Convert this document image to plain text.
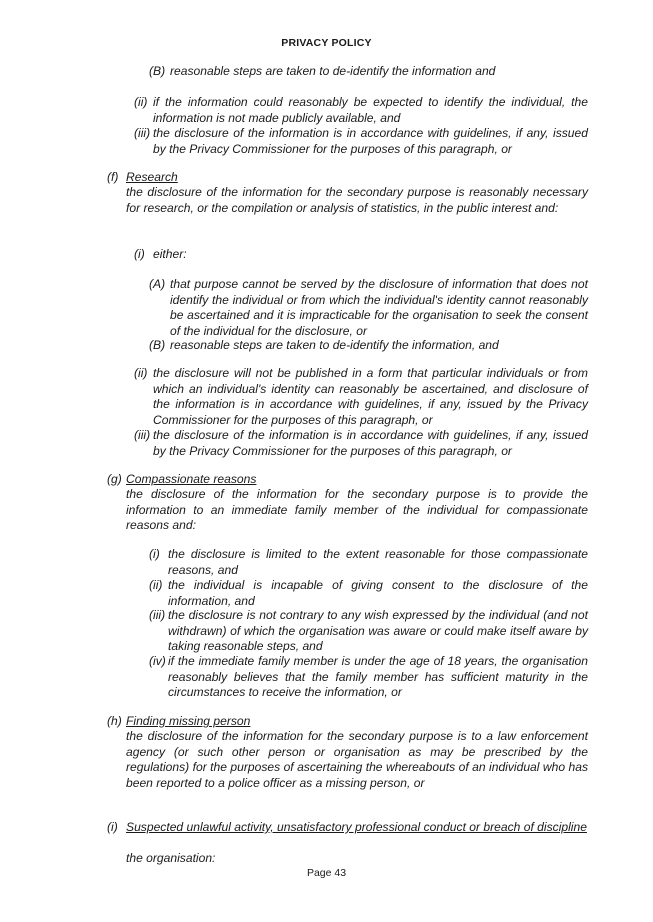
PRIVACY POLICY
(B) reasonable steps are taken to de-identify the information and
(ii) if the information could reasonably be expected to identify the individual, the information is not made publicly available, and
(iii) the disclosure of the information is in accordance with guidelines, if any, issued by the Privacy Commissioner for the purposes of this paragraph, or
(f) Research
the disclosure of the information for the secondary purpose is reasonably necessary for research, or the compilation or analysis of statistics, in the public interest and:
(i) either:
(A) that purpose cannot be served by the disclosure of information that does not identify the individual or from which the individual's identity cannot reasonably be ascertained and it is impracticable for the organisation to seek the consent of the individual for the disclosure, or
(B) reasonable steps are taken to de-identify the information, and
(ii) the disclosure will not be published in a form that particular individuals or from which an individual's identity can reasonably be ascertained, and disclosure of the information is in accordance with guidelines, if any, issued by the Privacy Commissioner for the purposes of this paragraph, or
(iii) the disclosure of the information is in accordance with guidelines, if any, issued by the Privacy Commissioner for the purposes of this paragraph, or
(g) Compassionate reasons
the disclosure of the information for the secondary purpose is to provide the information to an immediate family member of the individual for compassionate reasons and:
(i) the disclosure is limited to the extent reasonable for those compassionate reasons, and
(ii) the individual is incapable of giving consent to the disclosure of the information, and
(iii) the disclosure is not contrary to any wish expressed by the individual (and not withdrawn) of which the organisation was aware or could make itself aware by taking reasonable steps, and
(iv) if the immediate family member is under the age of 18 years, the organisation reasonably believes that the family member has sufficient maturity in the circumstances to receive the information, or
(h) Finding missing person
the disclosure of the information for the secondary purpose is to a law enforcement agency (or such other person or organisation as may be prescribed by the regulations) for the purposes of ascertaining the whereabouts of an individual who has been reported to a police officer as a missing person, or
(i) Suspected unlawful activity, unsatisfactory professional conduct or breach of discipline
the organisation:
Page 43
